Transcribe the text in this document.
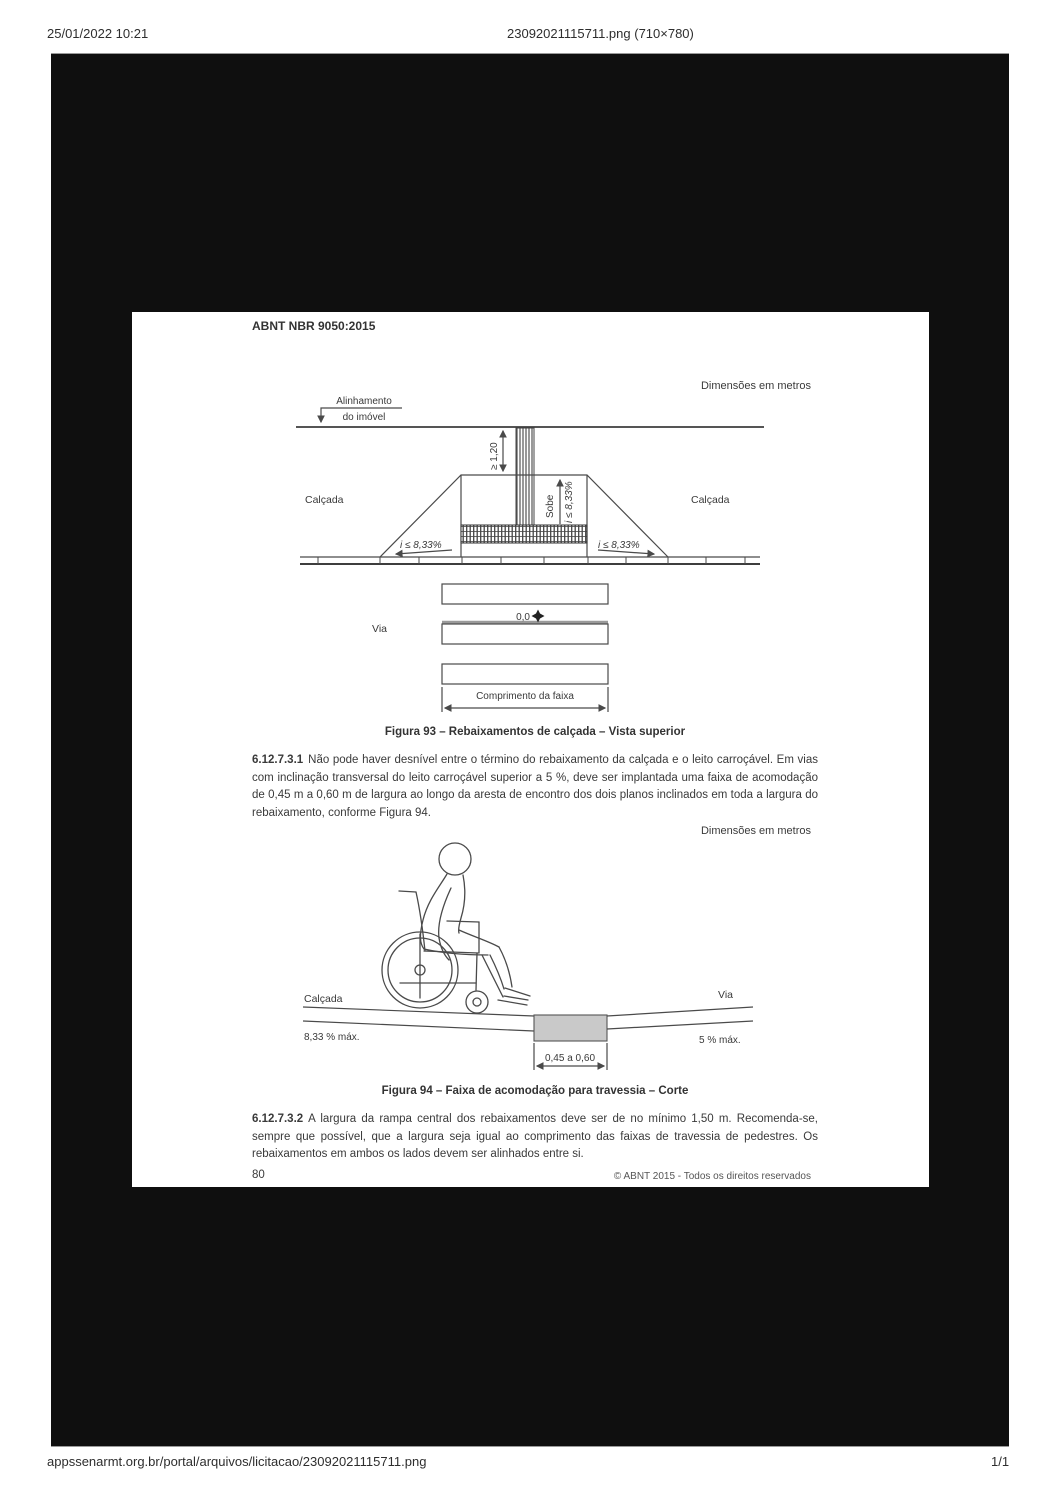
25/01/2022 10:21	23092021115711.png (710×780)
ABNT NBR 9050:2015
Dimensões em metros
Alinhamento
do imóvel
≥ 1,20
Sobe i ≤ 8,33%
Calçada	Calçada
i ≤ 8,33%	i ≤ 8,33%
0,0
Via
Comprimento da faixa
Figura 93 – Rebaixamentos de calçada – Vista superior
6.12.7.3.1 Não pode haver desnível entre o término do rebaixamento da calçada e o leito carroçável. Em vias com inclinação transversal do leito carroçável superior a 5 %, deve ser implantada uma faixa de acomodação de 0,45 m a 0,60 m de largura ao longo da aresta de encontro dos dois planos inclinados em toda a largura do rebaixamento, conforme Figura 94.
Dimensões em metros
Calçada	Via
8,33 % máx.	5 % máx.
0,45 a 0,60
Figura 94 – Faixa de acomodação para travessia – Corte
6.12.7.3.2 A largura da rampa central dos rebaixamentos deve ser de no mínimo 1,50 m. Recomenda-se, sempre que possível, que a largura seja igual ao comprimento das faixas de travessia de pedestres. Os rebaixamentos em ambos os lados devem ser alinhados entre si.
80	© ABNT 2015 - Todos os direitos reservados
appssenarmt.org.br/portal/arquivos/licitacao/23092021115711.png	1/1
